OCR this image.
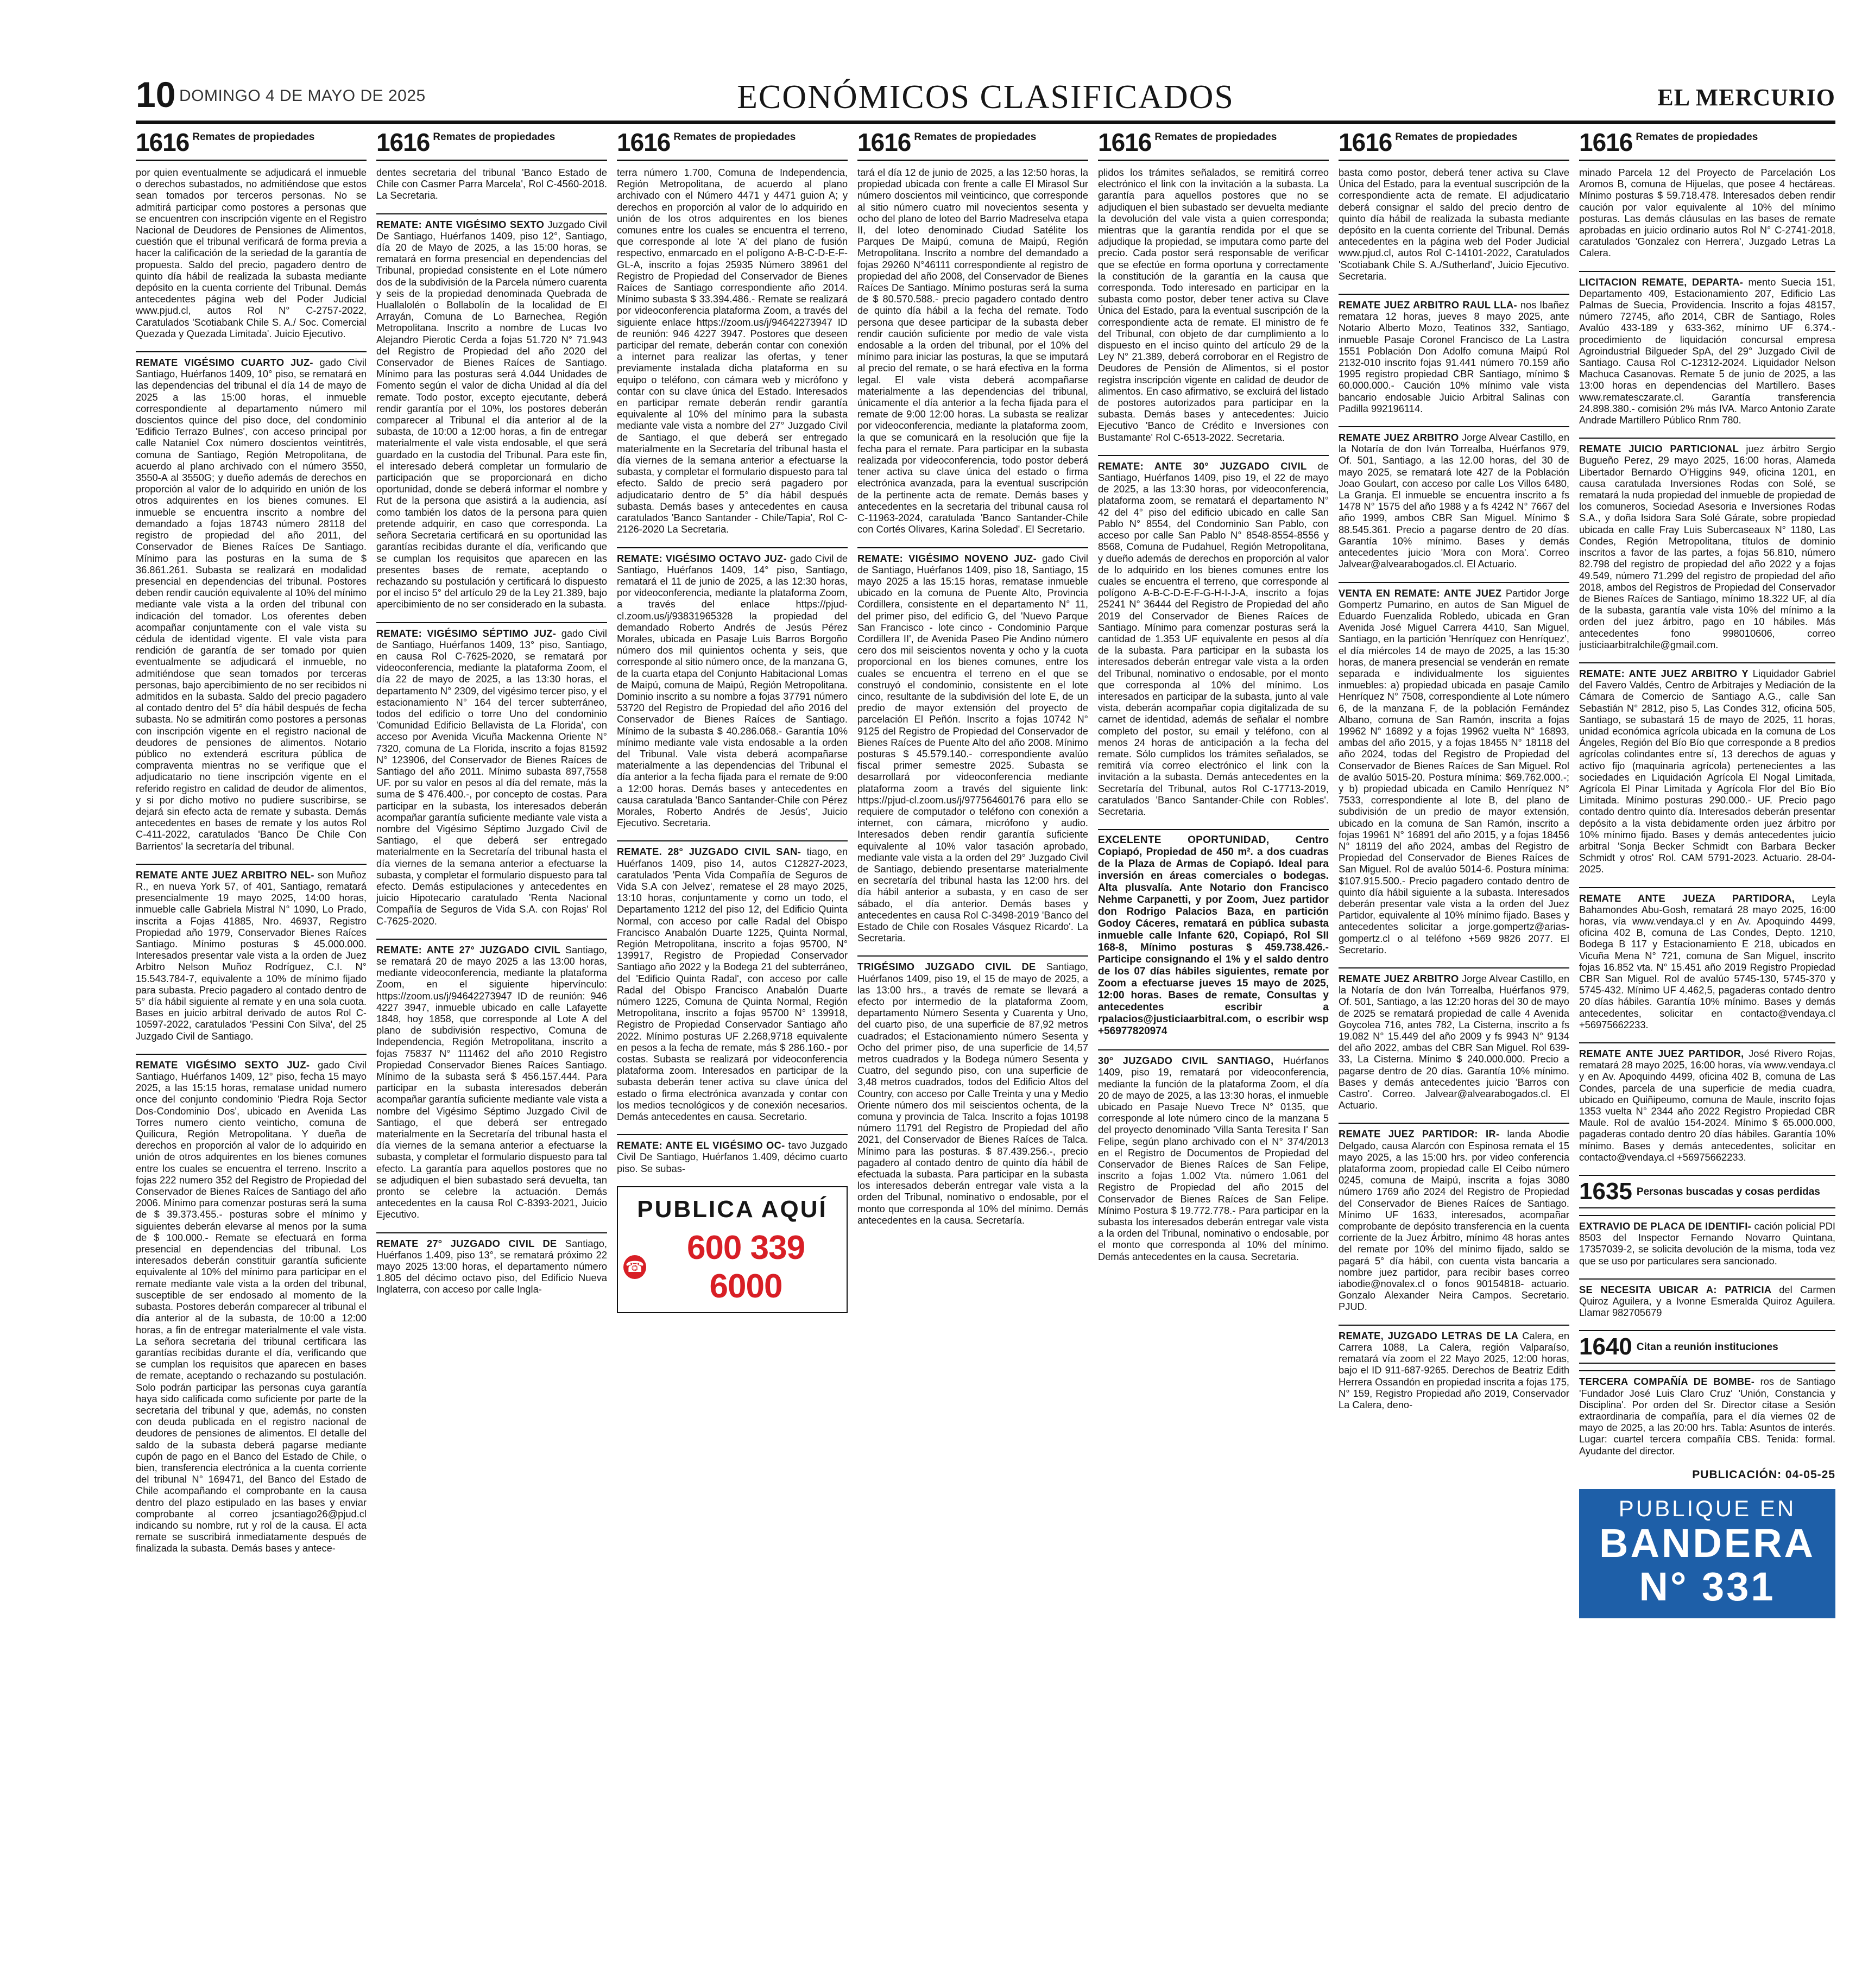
10 DOMINGO 4 DE MAYO DE 2025	ECONÓMICOS CLASIFICADOS	EL MERCURIO
1616 Remates de propiedades
por quien eventualmente se adjudicará el inmueble o derechos subastados, no admitiéndose que estos sean tomados por terceros personas. No se admitirá participar como postores a personas que se encuentren con inscripción vigente en el Registro Nacional de Deudores de Pensiones de Alimentos, cuestión que el tribunal verificará de forma previa a hacer la calificación de la seriedad de la garantía de propuesta. Saldo del precio, pagadero dentro de quinto día hábil de realizada la subasta mediante depósito en la cuenta corriente del Tribunal. Demás antecedentes página web del Poder Judicial www.pjud.cl, autos Rol N° C-2757-2022, Caratulados 'Scotiabank Chile S. A./ Soc. Comercial Quezada y Quezada Limitada'. Juicio Ejecutivo.
REMATE VIGÉSIMO CUARTO JUZ- gado Civil Santiago, Huérfanos 1409, 10° piso, se rematará en las dependencias del tribunal el día 14 de mayo de 2025 a las 15:00 horas, el inmueble correspondiente al departamento número mil doscientos quince del piso doce, del condominio 'Edificio Terrazo Bulnes', con acceso principal por calle Nataniel Cox número doscientos veintitrés, comuna de Santiago, Región Metropolitana, de acuerdo al plano archivado con el número 3550, 3550-A al 3550G; y dueño además de derechos en proporción al valor de lo adquirido en unión de los otros adquirentes en los bienes comunes. El inmueble se encuentra inscrito a nombre del demandado a fojas 18743 número 28118 del registro de propiedad del año 2011, del Conservador de Bienes Raíces De Santiago. Mínimo para las posturas en la suma de $ 36.861.261. Subasta se realizará en modalidad presencial en dependencias del tribunal. Postores deben rendir caución equivalente al 10% del mínimo mediante vale vista a la orden del tribunal con indicación del tomador. Los oferentes deben acompañar conjuntamente con el vale vista su cédula de identidad vigente. El vale vista para rendición de garantía de ser tomado por quien eventualmente se adjudicará el inmueble, no admitiéndose que sean tomados por terceras personas, bajo apercibimiento de no ser recibidos ni admitidos en la subasta. Saldo del precio pagadero al contado dentro del 5° día hábil después de fecha subasta. No se admitirán como postores a personas con inscripción vigente en el registro nacional de deudores de pensiones de alimentos. Notario público no extenderá escritura pública de compraventa mientras no se verifique que el adjudicatario no tiene inscripción vigente en el referido registro en calidad de deudor de alimentos, y si por dicho motivo no pudiere suscribirse, se dejará sin efecto acta de remate y subasta. Demás antecedentes en bases de remate y los autos Rol C-411-2022, caratulados 'Banco De Chile Con Barrientos' la secretaría del tribunal.
REMATE ANTE JUEZ ARBITRO NEL- son Muñoz R., en nueva York 57, of 401, Santiago, rematará presencialmente 19 mayo 2025, 14:00 horas, inmueble calle Gabriela Mistral N° 1090, Lo Prado, inscrita a Fojas 41885, Nro. 46937, Registro Propiedad año 1979, Conservador Bienes Raíces Santiago. Mínimo posturas $ 45.000.000. Interesados presentar vale vista a la orden de Juez Arbitro Nelson Muñoz Rodríguez, C.I. N° 15.543.784-7, equivalente a 10% de mínimo fijado para subasta. Precio pagadero al contado dentro de 5° día hábil siguiente al remate y en una sola cuota. Bases en juicio arbitral derivado de autos Rol C-10597-2022, caratulados 'Pessini Con Silva', del 25 Juzgado Civil de Santiago.
REMATE VIGÉSIMO SEXTO JUZ- gado Civil Santiago, Huérfanos 1409, 12° piso, fecha 15 mayo 2025, a las 15:15 horas, rematase unidad numero once del conjunto condominio 'Piedra Roja Sector Dos-Condominio Dos', ubicado en Avenida Las Torres numero ciento veinticho, comuna de Quilicura, Región Metropolitana. Y dueña de derechos en proporción al valor de lo adquirido en unión de otros adquirentes en los bienes comunes entre los cuales se encuentra el terreno. Inscrito a fojas 222 numero 352 del Registro de Propiedad del Conservador de Bienes Raíces de Santiago del año 2006. Mínimo para comenzar posturas será la suma de $ 39.373.455.- posturas sobre el mínimo y siguientes deberán elevarse al menos por la suma de $ 100.000.- Remate se efectuará en forma presencial en dependencias del tribunal. Los interesados deberán constituir garantía suficiente equivalente al 10% del mínimo para participar en el remate mediante vale vista a la orden del tribunal, susceptible de ser endosado al momento de la subasta. Postores deberán comparecer al tribunal el día anterior al de la subasta, de 10:00 a 12:00 horas, a fin de entregar materialmente el vale vista. La señora secretaria del tribunal certificara las garantías recibidas durante el día, verificando que se cumplan los requisitos que aparecen en bases de remate, aceptando o rechazando su postulación. Solo podrán participar las personas cuya garantía haya sido calificada como suficiente por parte de la secretaria del tribunal y que, además, no consten con deuda publicada en el registro nacional de deudores de pensiones de alimentos. El detalle del saldo de la subasta deberá pagarse mediante cupón de pago en el Banco del Estado de Chile, o bien, transferencia electrónica a la cuenta corriente del tribunal N° 169471, del Banco del Estado de Chile acompañando el comprobante en la causa dentro del plazo estipulado en las bases y enviar comprobante al correo jcsantiago26@pjud.cl indicando su nombre, rut y rol de la causa. El acta remate se suscribirá inmediatamente después de finalizada la subasta. Demás bases y antece-
1616 Remates de propiedades
dentes secretaria del tribunal 'Banco Estado de Chile con Casmer Parra Marcela', Rol C-4560-2018. La Secretaria.
REMATE: ANTE VIGÉSIMO SEXTO Juzgado Civil De Santiago, Huérfanos 1409, piso 12°, Santiago, día 20 de Mayo de 2025, a las 15:00 horas, se rematará en forma presencial en dependencias del Tribunal, propiedad consistente en el Lote número dos de la subdivisión de la Parcela número cuarenta y seis de la propiedad denominada Quebrada de Huallalolén o Bollabolín de la localidad de El Arrayán, Comuna de Lo Barnechea, Región Metropolitana. Inscrito a nombre de Lucas Ivo Alejandro Pierotic Cerda a fojas 51.720 N° 71.943 del Registro de Propiedad del año 2020 del Conservador de Bienes Raíces de Santiago. Mínimo para las posturas será 4.044 Unidades de Fomento según el valor de dicha Unidad al día del remate. Todo postor, excepto ejecutante, deberá rendir garantía por el 10%, los postores deberán comparecer al Tribunal el día anterior al de la subasta, de 10:00 a 12:00 horas, a fin de entregar materialmente el vale vista endosable, el que será guardado en la custodia del Tribunal. Para este fin, el interesado deberá completar un formulario de participación que se proporcionará en dicho oportunidad, donde se deberá informar el nombre y Rut de la persona que asistirá a la audiencia, así como también los datos de la persona para quien pretende adquirir, en caso que corresponda. La señora Secretaria certificará en su oportunidad las garantías recibidas durante el día, verificando que se cumplan los requisitos que aparecen en las presentes bases de remate, aceptando o rechazando su postulación y certificará lo dispuesto por el inciso 5° del artículo 29 de la Ley 21.389, bajo apercibimiento de no ser considerado en la subasta.
REMATE: VIGÉSIMO SÉPTIMO JUZ- gado Civil de Santiago, Huérfanos 1409, 13° piso, Santiago, en causa Rol C-7625-2020, se rematará por videoconferencia, mediante la plataforma Zoom, el día 22 de mayo de 2025, a las 13:30 horas, el departamento N° 2309, del vigésimo tercer piso, y el estacionamiento N° 164 del tercer subterráneo, todos del edificio o torre Uno del condominio 'Comunidad Edificio Bellavista de La Florida', con acceso por Avenida Vicuña Mackenna Oriente N° 7320, comuna de La Florida, inscrito a fojas 81592 N° 123906, del Conservador de Bienes Raíces de Santiago del año 2011. Mínimo subasta 897,7558 UF. por su valor en pesos al día del remate, más la suma de $ 476.400.-, por concepto de costas. Para participar en la subasta, los interesados deberán acompañar garantía suficiente mediante vale vista a nombre del Vigésimo Séptimo Juzgado Civil de Santiago, el que deberá ser entregado materialmente en la Secretaría del tribunal hasta el día viernes de la semana anterior a efectuarse la subasta, y completar el formulario dispuesto para tal efecto. Demás estipulaciones y antecedentes en juicio Hipotecario caratulado 'Renta Nacional Compañía de Seguros de Vida S.A. con Rojas' Rol C-7625-2020.
REMATE: ANTE 27° JUZGADO CIVIL Santiago, se rematará 20 de mayo 2025 a las 13:00 horas, mediante videoconferencia, mediante la plataforma Zoom, en el siguiente hipervínculo: https://zoom.us/j/94642273947 ID de reunión: 946 4227 3947, inmueble ubicado en calle Lafayette 1848, hoy 1858, que corresponde al Lote A del plano de subdivisión respectivo, Comuna de Independencia, Región Metropolitana, inscrito a fojas 75837 N° 111462 del año 2010 Registro Propiedad Conservador Bienes Raíces Santiago. Mínimo de la subasta será $ 456.157.444. Para participar en la subasta interesados deberán acompañar garantía suficiente mediante vale vista a nombre del Vigésimo Séptimo Juzgado Civil de Santiago, el que deberá ser entregado materialmente en la Secretaría del tribunal hasta el día viernes de la semana anterior a efectuarse la subasta, y completar el formulario dispuesto para tal efecto. La garantía para aquellos postores que no se adjudiquen el bien subastado será devuelta, tan pronto se celebre la actuación. Demás antecedentes en la causa Rol C-8393-2021, Juicio Ejecutivo.
REMATE 27° JUZGADO CIVIL DE Santiago, Huérfanos 1.409, piso 13°, se rematará próximo 22 mayo 2025 13:00 horas, el departamento número 1.805 del décimo octavo piso, del Edificio Nueva Inglaterra, con acceso por calle Ingla-
1616 Remates de propiedades
terra número 1.700, Comuna de Independencia, Región Metropolitana, de acuerdo al plano archivado con el Número 4471 y 4471 guion A; y derechos en proporción al valor de lo adquirido en unión de los otros adquirentes en los bienes comunes entre los cuales se encuentra el terreno, que corresponde al lote 'A' del plano de fusión respectivo, enmarcado en el polígono A-B-C-D-E-F-GL-A, inscrito a fojas 25935 Número 38961 del Registro de Propiedad del Conservador de Bienes Raíces de Santiago correspondiente año 2014. Mínimo subasta $ 33.394.486.- Remate se realizará por videoconferencia plataforma Zoom, a través del siguiente enlace https://zoom.us/j/94642273947 ID de reunión: 946 4227 3947. Postores que deseen participar del remate, deberán contar con conexión a internet para realizar las ofertas, y tener previamente instalada dicha plataforma en su equipo o teléfono, con cámara web y micrófono y contar con su clave única del Estado. Interesados en participar remate deberán rendir garantía equivalente al 10% del mínimo para la subasta mediante vale vista a nombre del 27° Juzgado Civil de Santiago, el que deberá ser entregado materialmente en la Secretaría del tribunal hasta el día viernes de la semana anterior a efectuarse la subasta, y completar el formulario dispuesto para tal efecto. Saldo de precio será pagadero por adjudicatario dentro de 5° día hábil después subasta. Demás bases y antecedentes en causa caratulados 'Banco Santander - Chile/Tapia', Rol C-2126-2020 La Secretaria.
REMATE: VIGÉSIMO OCTAVO JUZ- gado Civil de Santiago, Huérfanos 1409, 14° piso, Santiago, rematará el 11 de junio de 2025, a las 12:30 horas, por videoconferencia, mediante la plataforma Zoom, a través del enlace https://pjud-cl.zoom.us/j/93831965328 la propiedad del demandado Roberto Andrés de Jesús Pérez Morales, ubicada en Pasaje Luis Barros Borgoño número dos mil quinientos ochenta y seis, que corresponde al sitio número once, de la manzana G, de la cuarta etapa del Conjunto Habitacional Lomas de Maipú, comuna de Maipú, Región Metropolitana. Dominio inscrito a su nombre a fojas 37791 número 53720 del Registro de Propiedad del año 2016 del Conservador de Bienes Raíces de Santiago. Mínimo de la subasta $ 40.286.068.- Garantía 10% mínimo mediante vale vista endosable a la orden del Tribunal. Vale vista deberá acompañarse materialmente a las dependencias del Tribunal el día anterior a la fecha fijada para el remate de 9:00 a 12:00 horas. Demás bases y antecedentes en causa caratulada 'Banco Santander-Chile con Pérez Morales, Roberto Andrés de Jesús', Juicio Ejecutivo. Secretaria.
REMATE. 28° JUZGADO CIVIL SAN- tiago, en Huérfanos 1409, piso 14, autos C12827-2023, caratulados 'Penta Vida Compañía de Seguros de Vida S.A con Jelvez', rematese el 28 mayo 2025, 13:10 horas, conjuntamente y como un todo, el Departamento 1212 del piso 12, del Edificio Quinta Normal, con acceso por calle Radal del Obispo Francisco Anabalón Duarte 1225, Quinta Normal, Región Metropolitana, inscrito a fojas 95700, N° 139917, Registro de Propiedad Conservador Santiago año 2022 y la Bodega 21 del subterráneo, del 'Edificio Quinta Radal', con acceso por calle Radal del Obispo Francisco Anabalón Duarte número 1225, Comuna de Quinta Normal, Región Metropolitana, inscrito a fojas 95700 N° 139918, Registro de Propiedad Conservador Santiago año 2022. Mínimo posturas UF 2.268,9718 equivalente en pesos a la fecha de remate, más $ 286.160.- por costas. Subasta se realizará por videoconferencia plataforma zoom. Interesados en participar de la subasta deberán tener activa su clave única del estado o firma electrónica avanzada y contar con los medios tecnológicos y de conexión necesarios. Demás antecedentes en causa. Secretario.
REMATE: ANTE EL VIGÉSIMO OC- tavo Juzgado Civil De Santiago, Huérfanos 1.409, décimo cuarto piso. Se subas-
PUBLICA AQUÍ
☎
600 339 6000
1616 Remates de propiedades
tará el día 12 de junio de 2025, a las 12:50 horas, la propiedad ubicada con frente a calle El Mirasol Sur número doscientos mil veinticinco, que corresponde al sitio número cuatro mil novecientos sesenta y ocho del plano de loteo del Barrio Madreselva etapa II, del loteo denominado Ciudad Satélite los Parques De Maipú, comuna de Maipú, Región Metropolitana. Inscrito a nombre del demandado a fojas 29260 N°46111 correspondiente al registro de propiedad del año 2008, del Conservador de Bienes Raíces De Santiago. Mínimo posturas será la suma de $ 80.570.588.- precio pagadero contado dentro de quinto día hábil a la fecha del remate. Todo persona que desee participar de la subasta deber rendir caución suficiente por medio de vale vista endosable a la orden del tribunal, por el 10% del mínimo para iniciar las posturas, la que se imputará al precio del remate, o se hará efectiva en la forma legal. El vale vista deberá acompañarse materialmente a las dependencias del tribunal, únicamente el día anterior a la fecha fijada para el remate de 9:00 12:00 horas. La subasta se realizar por videoconferencia, mediante la plataforma zoom, la que se comunicará en la resolución que fije la fecha para el remate. Para participar en la subasta realizada por videoconferencia, todo postor deberá tener activa su clave única del estado o firma electrónica avanzada, para la eventual suscripción de la pertinente acta de remate. Demás bases y antecedentes en la secretaria del tribunal causa rol C-11963-2024, caratulada 'Banco Santander-Chile con Cortés Olivares, Karina Soledad'. El Secretario.
REMATE: VIGÉSIMO NOVENO JUZ- gado Civil de Santiago, Huérfanos 1409, piso 18, Santiago, 15 mayo 2025 a las 15:15 horas, rematase inmueble ubicado en la comuna de Puente Alto, Provincia Cordillera, consistente en el departamento N° 11, del primer piso, del edificio G, del 'Nuevo Parque San Francisco - lote cinco - Condominio Parque Cordillera II', de Avenida Paseo Pie Andino número cero dos mil seiscientos noventa y ocho y la cuota proporcional en los bienes comunes, entre los cuales se encuentra el terreno en el que se construyó el condominio, consistente en el lote cinco, resultante de la subdivisión del lote E, de un predio de mayor extensión del proyecto de parcelación El Peñón. Inscrito a fojas 10742 N° 9125 del Registro de Propiedad del Conservador de Bienes Raíces de Puente Alto del año 2008. Mínimo posturas $ 45.579.140.- correspondiente avalúo fiscal primer semestre 2025. Subasta se desarrollará por videoconferencia mediante plataforma zoom a través del siguiente link: https://pjud-cl.zoom.us/j/97756460176 para ello se requiere de computador o teléfono con conexión a internet, con cámara, micrófono y audio. Interesados deben rendir garantía suficiente equivalente al 10% valor tasación aprobado, mediante vale vista a la orden del 29° Juzgado Civil de Santiago, debiendo presentarse materialmente en secretaría del tribunal hasta las 12:00 hrs. del día hábil anterior a subasta, y en caso de ser sábado, el día anterior. Demás bases y antecedentes en causa Rol C-3498-2019 'Banco del Estado de Chile con Rosales Vásquez Ricardo'. La Secretaria.
TRIGÉSIMO JUZGADO CIVIL DE Santiago, Huérfanos 1409, piso 19, el 15 de mayo de 2025, a las 13:00 hrs., a través de remate se llevará a efecto por intermedio de la plataforma Zoom, departamento Número Sesenta y Cuarenta y Uno, del cuarto piso, de una superficie de 87,92 metros cuadrados; el Estacionamiento número Sesenta y Ocho del primer piso, de una superficie de 14,57 metros cuadrados y la Bodega número Sesenta y Cuatro, del segundo piso, con una superficie de 3,48 metros cuadrados, todos del Edificio Altos del Country, con acceso por Calle Treinta y una y Medio Oriente número dos mil seiscientos ochenta, de la comuna y provincia de Talca. Inscrito a fojas 10198 número 11791 del Registro de Propiedad del año 2021, del Conservador de Bienes Raíces de Talca. Mínimo para las posturas. $ 87.439.256.-, precio pagadero al contado dentro de quinto día hábil de efectuada la subasta. Para participar en la subasta los interesados deberán entregar vale vista a la orden del Tribunal, nominativo o endosable, por el monto que corresponda al 10% del mínimo. Demás antecedentes en la causa. Secretaría.
1616 Remates de propiedades
plidos los trámites señalados, se remitirá correo electrónico el link con la invitación a la subasta. La garantía para aquellos postores que no se adjudiquen el bien subastado ser devuelta mediante la devolución del vale vista a quien corresponda; mientras que la garantía rendida por el que se adjudique la propiedad, se imputara como parte del precio. Cada postor será responsable de verificar que se efectúe en forma oportuna y correctamente la constitución de la garantía en la causa que corresponda. Todo interesado en participar en la subasta como postor, deber tener activa su Clave Única del Estado, para la eventual suscripción de la correspondiente acta de remate. El ministro de fe del Tribunal, con objeto de dar cumplimiento a lo dispuesto en el inciso quinto del artículo 29 de la Ley N° 21.389, deberá corroborar en el Registro de Deudores de Pensión de Alimentos, si el postor registra inscripción vigente en calidad de deudor de alimentos. En caso afirmativo, se excluirá del listado de postores autorizados para participar en la subasta. Demás bases y antecedentes: Juicio Ejecutivo 'Banco de Crédito e Inversiones con Bustamante' Rol C-6513-2022. Secretaria.
REMATE: ANTE 30° JUZGADO CIVIL de Santiago, Huérfanos 1409, piso 19, el 22 de mayo de 2025, a las 13:30 horas, por videoconferencia, plataforma zoom, se rematará el departamento N° 42 del 4° piso del edificio ubicado en calle San Pablo N° 8554, del Condominio San Pablo, con acceso por calle San Pablo N° 8548-8554-8556 y 8568, Comuna de Pudahuel, Región Metropolitana, y dueño además de derechos en proporción al valor de lo adquirido en los bienes comunes entre los cuales se encuentra el terreno, que corresponde al polígono A-B-C-D-E-F-G-H-I-J-A, inscrito a fojas 25241 N° 36444 del Registro de Propiedad del año 2019 del Conservador de Bienes Raíces de Santiago. Mínimo para comenzar posturas será la cantidad de 1.353 UF equivalente en pesos al día de la subasta. Para participar en la subasta los interesados deberán entregar vale vista a la orden del Tribunal, nominativo o endosable, por el monto que corresponda al 10% del mínimo. Los interesados en participar de la subasta, junto al vale vista, deberán acompañar copia digitalizada de su carnet de identidad, además de señalar el nombre completo del postor, su email y teléfono, con al menos 24 horas de anticipación a la fecha del remate. Sólo cumplidos los trámites señalados, se remitirá vía correo electrónico el link con la invitación a la subasta. Demás antecedentes en la Secretaría del Tribunal, autos Rol C-17713-2019, caratulados 'Banco Santander-Chile con Robles'. Secretaria.
EXCELENTE OPORTUNIDAD, Centro Copiapó, Propiedad de 450 m². a dos cuadras de la Plaza de Armas de Copiapó. Ideal para inversión en áreas comerciales o bodegas. Alta plusvalía. Ante Notario don Francisco Nehme Carpanetti, y por Zoom, Juez partidor don Rodrigo Palacios Baza, en partición Godoy Cáceres, rematará en pública subasta inmueble calle Infante 620, Copiapó, Rol SII 168-8, Mínimo posturas $ 459.738.426.- Participe consignando el 1% y el saldo dentro de los 07 días hábiles siguientes, remate por Zoom a efectuarse jueves 15 mayo de 2025, 12:00 horas. Bases de remate, Consultas y antecedentes escribir a rpalacios@justiciaarbitral.com, o escribir wsp +56977820974
30° JUZGADO CIVIL SANTIAGO, Huérfanos 1409, piso 19, rematará por videoconferencia, mediante la función de la plataforma Zoom, el día 20 de mayo de 2025, a las 13:30 horas, el inmueble ubicado en Pasaje Nuevo Trece N° 0135, que corresponde al lote número cinco de la manzana 5 del proyecto denominado 'Villa Santa Teresita I' San Felipe, según plano archivado con el N° 374/2013 en el Registro de Documentos de Propiedad del Conservador de Bienes Raíces de San Felipe, inscrito a fojas 1.002 Vta. número 1.061 del Registro de Propiedad del año 2015 del Conservador de Bienes Raíces de San Felipe. Mínimo Postura $ 19.772.778.- Para participar en la subasta los interesados deberán entregar vale vista a la orden del Tribunal, nominativo o endosable, por el monto que corresponda al 10% del mínimo. Demás antecedentes en la causa. Secretaria.
1616 Remates de propiedades
basta como postor, deberá tener activa su Clave Única del Estado, para la eventual suscripción de la correspondiente acta de remate. El adjudicatario deberá consignar el saldo del precio dentro de quinto día hábil de realizada la subasta mediante depósito en la cuenta corriente del Tribunal. Demás antecedentes en la página web del Poder Judicial www.pjud.cl, autos Rol C-14101-2022, Caratulados 'Scotiabank Chile S. A./Sutherland', Juicio Ejecutivo. Secretaria.
REMATE JUEZ ARBITRO RAUL LLA- nos Ibañez rematara 12 horas, jueves 8 mayo 2025, ante Notario Alberto Mozo, Teatinos 332, Santiago, inmueble Pasaje Coronel Francisco de La Lastra 1551 Población Don Adolfo comuna Maipú Rol 2132-010 inscrito fojas 91.441 número 70.159 año 1995 registro propiedad CBR Santiago, mínimo $ 60.000.000.- Caución 10% mínimo vale vista bancario endosable Juicio Arbitral Salinas con Padilla 992196114.
REMATE JUEZ ARBITRO Jorge Alvear Castillo, en la Notaría de don Iván Torrealba, Huérfanos 979, Of. 501, Santiago, a las 12.00 horas, del 30 de mayo 2025, se rematará lote 427 de la Población Joao Goulart, con acceso por calle Los Villos 6480, La Granja. El inmueble se encuentra inscrito a fs 1478 N° 1575 del año 1988 y a fs 4242 N° 7667 del año 1999, ambos CBR San Miguel. Mínimo $ 88.545.361. Precio a pagarse dentro de 20 días. Garantía 10% mínimo. Bases y demás antecedentes juicio 'Mora con Mora'. Correo Jalvear@alvearabogados.cl. El Actuario.
VENTA EN REMATE: ANTE JUEZ Partidor Jorge Gompertz Pumarino, en autos de San Miguel de Eduardo Fuenzalida Robledo, ubicada en Gran Avenida José Miguel Carrera 4410, San Miguel, Santiago, en la partición 'Henríquez con Henríquez', el día miércoles 14 de mayo de 2025, a las 15:30 horas, de manera presencial se venderán en remate separada e individualmente los siguientes inmuebles: a) propiedad ubicada en pasaje Camilo Henríquez N° 7508, correspondiente al Lote número 6, de la manzana F, de la población Fernández Albano, comuna de San Ramón, inscrita a fojas 19962 N° 16892 y a fojas 19962 vuelta N° 16893, ambas del año 2015, y a fojas 18455 N° 18118 del año 2024, todas del Registro de Propiedad del Conservador de Bienes Raíces de San Miguel. Rol de avalúo 5015-20. Postura mínima: $69.762.000.-; y b) propiedad ubicada en Camilo Henríquez N° 7533, correspondiente al lote B, del plano de subdivisión de un predio de mayor extensión, ubicado en la comuna de San Ramón, inscrito a fojas 19961 N° 16891 del año 2015, y a fojas 18456 N° 18119 del año 2024, ambas del Registro de Propiedad del Conservador de Bienes Raíces de San Miguel. Rol de avalúo 5014-6. Postura mínima: $107.915.500.- Precio pagadero contado dentro de quinto día hábil siguiente a la subasta. Interesados deberán presentar vale vista a la orden del Juez Partidor, equivalente al 10% mínimo fijado. Bases y antecedentes solicitar a jorge.gompertz@arias-gompertz.cl o al teléfono +569 9826 2077. El Secretario.
REMATE JUEZ ARBITRO Jorge Alvear Castillo, en la Notaría de don Iván Torrealba, Huérfanos 979, Of. 501, Santiago, a las 12:20 horas del 30 de mayo de 2025 se rematará propiedad de calle 4 Avenida Goycolea 716, antes 782, La Cisterna, inscrito a fs 19.082 N° 15.449 del año 2009 y fs 9943 N° 9134 del año 2022, ambas del CBR San Miguel. Rol 639-33, La Cisterna. Mínimo $ 240.000.000. Precio a pagarse dentro de 20 días. Garantía 10% mínimo. Bases y demás antecedentes juicio 'Barros con Castro'. Correo. Jalvear@alvearabogados.cl. El Actuario.
REMATE JUEZ PARTIDOR: IR- landa Abodie Delgado, causa Alarcón con Espinosa remata el 15 mayo 2025, a las 15:00 hrs. por video conferencia plataforma zoom, propiedad calle El Ceibo número 0245, comuna de Maipú, inscrita a fojas 3080 número 1769 año 2024 del Registro de Propiedad del Conservador de Bienes Raíces de Santiago. Mínimo UF 1633, interesados, acompañar comprobante de depósito transferencia en la cuenta corriente de la Juez Árbitro, mínimo 48 horas antes del remate por 10% del mínimo fijado, saldo se pagará 5° día hábil, con cuenta vista bancaria a nombre juez partidor, para recibir bases correo iabodie@novalex.cl o fonos 90154818- actuario. Gonzalo Alexander Neira Campos. Secretario. PJUD.
REMATE, JUZGADO LETRAS DE LA Calera, en Carrera 1088, La Calera, región Valparaíso, rematará vía zoom el 22 Mayo 2025, 12:00 horas, bajo el ID 911-687-9265. Derechos de Beatriz Edith Herrera Ossandón en propiedad inscrita a fojas 175, N° 159, Registro Propiedad año 2019, Conservador La Calera, deno-
1616 Remates de propiedades
minado Parcela 12 del Proyecto de Parcelación Los Aromos B, comuna de Hijuelas, que posee 4 hectáreas. Mínimo posturas $ 59.718.478. Interesados deben rendir caución por valor equivalente al 10% del mínimo posturas. Las demás cláusulas en las bases de remate aprobadas en juicio ordinario autos Rol N° C-2741-2018, caratulados 'Gonzalez con Herrera', Juzgado Letras La Calera.
LICITACION REMATE, DEPARTA- mento Suecia 151, Departamento 409, Estacionamiento 207, Edificio Las Palmas de Suecia, Providencia. Inscrito a fojas 48157, número 72745, año 2014, CBR de Santiago, Roles Avalúo 433-189 y 633-362, mínimo UF 6.374.- procedimiento de liquidación concursal empresa Agroindustrial Bilgueder SpA, del 29° Juzgado Civil de Santiago. Causa Rol C-12312-2024. Liquidador Nelson Machuca Casanovas. Remate 5 de junio de 2025, a las 13:00 horas en dependencias del Martillero. Bases www.rematesczarate.cl. Garantía transferencia 24.898.380.- comisión 2% más IVA. Marco Antonio Zarate Andrade Martillero Público Rnm 780.
REMATE JUICIO PARTICIONAL juez árbitro Sergio Bugueño Perez, 29 mayo 2025, 16:00 horas, Alameda Libertador Bernardo O'Higgins 949, oficina 1201, en causa caratulada Inversiones Rodas con Solé, se rematará la nuda propiedad del inmueble de propiedad de los comuneros, Sociedad Asesoria e Inversiones Rodas S.A., y doña Isidora Sara Solé Gárate, sobre propiedad ubicada en calle Fray Luis Subercaseaux N° 1180, Las Condes, Región Metropolitana, títulos de dominio inscritos a favor de las partes, a fojas 56.810, número 82.798 del registro de propiedad del año 2022 y a fojas 49.549, número 71.299 del registro de propiedad del año 2018, ambos del Registros de Propiedad del Conservador de Bienes Raíces de Santiago, mínimo 18.322 UF, al día de la subasta, garantía vale vista 10% del mínimo a la orden del juez árbitro, pago en 10 hábiles. Más antecedentes fono 998010606, correo justiciaarbitralchile@gmail.com.
REMATE: ANTE JUEZ ARBITRO Y Liquidador Gabriel del Favero Valdés, Centro de Arbitrajes y Mediación de la Cámara de Comercio de Santiago A.G., calle San Sebastián N° 2812, piso 5, Las Condes 312, oficina 505, Santiago, se subastará 15 de mayo de 2025, 11 horas, unidad económica agrícola ubicada en la comuna de Los Ángeles, Región del Bío Bío que corresponde a 8 predios agrícolas colindantes entre sí, 13 derechos de aguas y activo fijo (maquinaria agrícola) pertenecientes a las sociedades en Liquidación Agrícola El Nogal Limitada, Agrícola El Pinar Limitada y Agrícola Flor del Bío Bío Limitada. Mínimo posturas 290.000.- UF. Precio pago contado dentro quinto día. Interesados deberán presentar depósito a la vista debidamente orden juez árbitro por 10% mínimo fijado. Bases y demás antecedentes juicio arbitral 'Sonja Becker Schmidt con Barbara Becker Schmidt y otros' Rol. CAM 5791-2023. Actuario. 28-04-2025.
REMATE ANTE JUEZA PARTIDORA, Leyla Bahamondes Abu-Gosh, rematará 28 mayo 2025, 16:00 horas, vía www.vendaya.cl y en Av. Apoquindo 4499, oficina 402 B, comuna de Las Condes, Depto. 1210, Bodega B 117 y Estacionamiento E 218, ubicados en Vicuña Mena N° 721, comuna de San Miguel, inscrito fojas 16.852 vta. N° 15.451 año 2019 Registro Propiedad CBR San Miguel. Rol de avalúo 5745-130, 5745-370 y 5745-432. Mínimo UF 4.462,5, pagaderas contado dentro 20 días hábiles. Garantía 10% mínimo. Bases y demás antecedentes, solicitar en contacto@vendaya.cl +56975662233.
REMATE ANTE JUEZ PARTIDOR, José Rivero Rojas, rematará 28 mayo 2025, 16:00 horas, vía www.vendaya.cl y en Av. Apoquindo 4499, oficina 402 B, comuna de Las Condes, parcela de una superficie de media cuadra, ubicado en Quiñipeumo, comuna de Maule, inscrito fojas 1353 vuelta N° 2344 año 2022 Registro Propiedad CBR Maule. Rol de avalúo 154-2024. Mínimo $ 65.000.000, pagaderas contado dentro 20 días hábiles. Garantía 10% mínimo. Bases y demás antecedentes, solicitar en contacto@vendaya.cl +56975662233.
1635 Personas buscadas y cosas perdidas
EXTRAVIO DE PLACA DE IDENTIFI- cación policial PDI 8503 del Inspector Fernando Novarro Quintana, 17357039-2, se solicita devolución de la misma, toda vez que se uso por particulares sera sancionado.
SE NECESITA UBICAR A: PATRICIA del Carmen Quiroz Aguilera, y a Ivonne Esmeralda Quiroz Aguilera. Llamar 982705679
1640 Citan a reunión instituciones
TERCERA COMPAÑÍA DE BOMBE- ros de Santiago 'Fundador José Luis Claro Cruz' 'Unión, Constancia y Disciplina'. Por orden del Sr. Director citase a Sesión extraordinaria de compañía, para el día viernes 02 de mayo de 2025, a las 20:00 hrs. Tabla: Asuntos de interés. Lugar: cuartel tercera compañía CBS. Tenida: formal. Ayudante del director.
PUBLICACIÓN: 04-05-25
PUBLIQUE EN
BANDERA N° 331
